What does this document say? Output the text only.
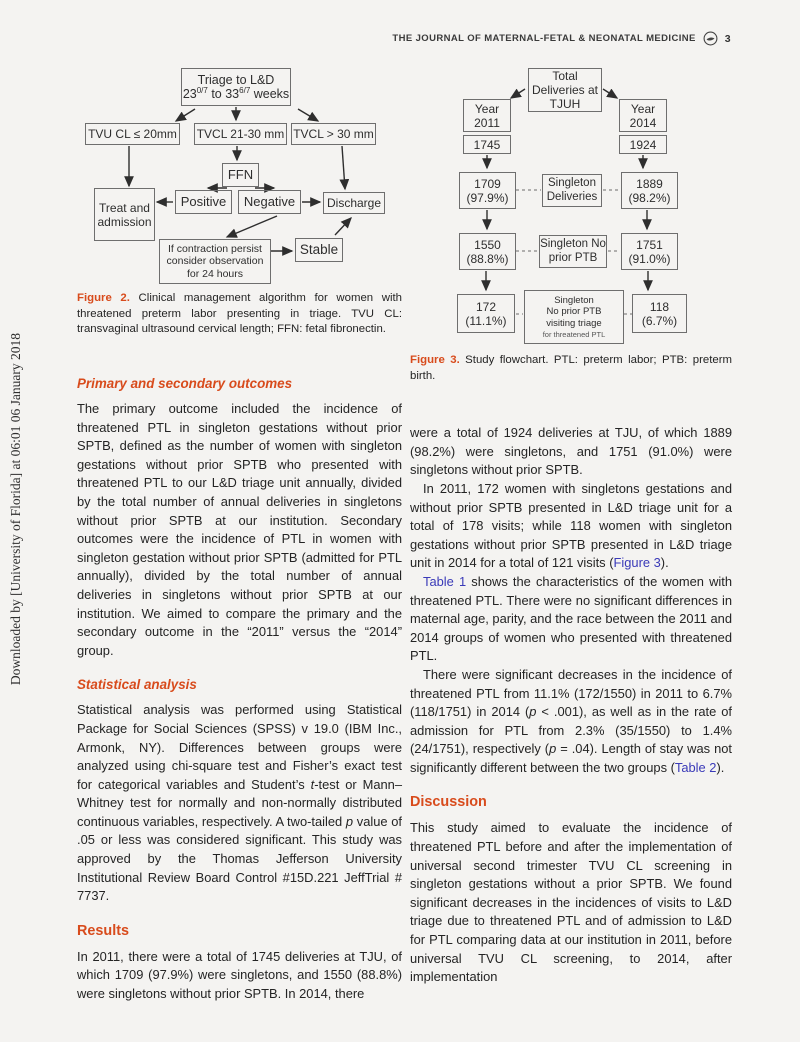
THE JOURNAL OF MATERNAL-FETAL & NEONATAL MEDICINE	3
Downloaded by [University of Florida] at 06:01 06 January 2018
Triage to L&D
$23^{0/7}$ to $33^{6/7}$ weeks
TVU CL ≤ 20mm TVCL 21-30 mm TVCL > 30 mm
FFN
Treat and admission
Positive Negative	Discharge
If contraction persist consider observation for 24 hours
Stable
Figure 2. Clinical management algorithm for women with threatened preterm labor presenting in triage. TVU CL: transvaginal ultrasound cervical length; FFN: fetal fibronectin.
Total Deliveries at TJUH
Year 2011
Year 2014
1745	1924
1709 (97.9%)
Singleton Deliveries
1889 (98.2%)
1550 (88.8%)
Singleton No prior PTB
1751 (91.0%)
172 (11.1%)
Singleton
No prior PTB
visiting triage
for threatened PTL
118 (6.7%)
Primary and secondary outcomes

The primary outcome included the incidence of threatened PTL in singleton gestations without prior SPTB, defined as the number of women with singleton gestations without prior SPTB who presented with threatened PTL to our L&D triage unit annually, divided by the total number of annual deliveries in singletons without prior SPTB at our institution. Secondary outcomes were the incidence of PTL in women with singleton gestation without prior SPTB (admitted for PTL annually), divided by the total number of annual deliveries in singletons without prior SPTB at our institution. We aimed to compare the primary and the secondary outcome in the “2011” versus the “2014” group.

Statistical analysis

Statistical analysis was performed using Statistical Package for Social Sciences (SPSS) v 19.0 (IBM Inc., Armonk, NY). Differences between groups were analyzed using chi-square test and Fisher’s exact test for categorical variables and Student’s t-test or Mann–Whitney test for normally and non-normally distributed continuous variables, respectively. A two-tailed p value of .05 or less was considered significant. This study was approved by the Thomas Jefferson University Institutional Review Board Control #15D.221 JeffTrial # 7737.

Results

In 2011, there were a total of 1745 deliveries at TJU, of which 1709 (97.9%) were singletons, and 1550 (88.8%) were singletons without prior SPTB. In 2014, there

Figure 3. Study flowchart. PTL: preterm labor; PTB: preterm birth.

were a total of 1924 deliveries at TJU, of which 1889 (98.2%) were singletons, and 1751 (91.0%) were singletons without prior SPTB.

In 2011, 172 women with singletons gestations and without prior SPTB presented in L&D triage unit for a total of 178 visits; while 118 women with singleton gestations without prior SPTB presented in L&D triage unit in 2014 for a total of 121 visits (Figure 3).

Table 1 shows the characteristics of the women with threatened PTL. There were no significant differences in maternal age, parity, and the race between the 2011 and 2014 groups of women who presented with threatened PTL.

There were significant decreases in the incidence of threatened PTL from 11.1% (172/1550) in 2011 to 6.7% (118/1751) in 2014 (p < .001), as well as in the rate of admission for PTL from 2.3% (35/1550) to 1.4% (24/1751), respectively (p = .04). Length of stay was not significantly different between the two groups (Table 2).

Discussion

This study aimed to evaluate the incidence of threatened PTL before and after the implementation of universal second trimester TVU CL screening in singleton gestations without a prior SPTB. We found significant decreases in the incidences of visits to L&D triage due to threatened PTL and of admission to L&D for PTL comparing data at our institution in 2011, before universal TVU CL screening, to 2014, after implementation
